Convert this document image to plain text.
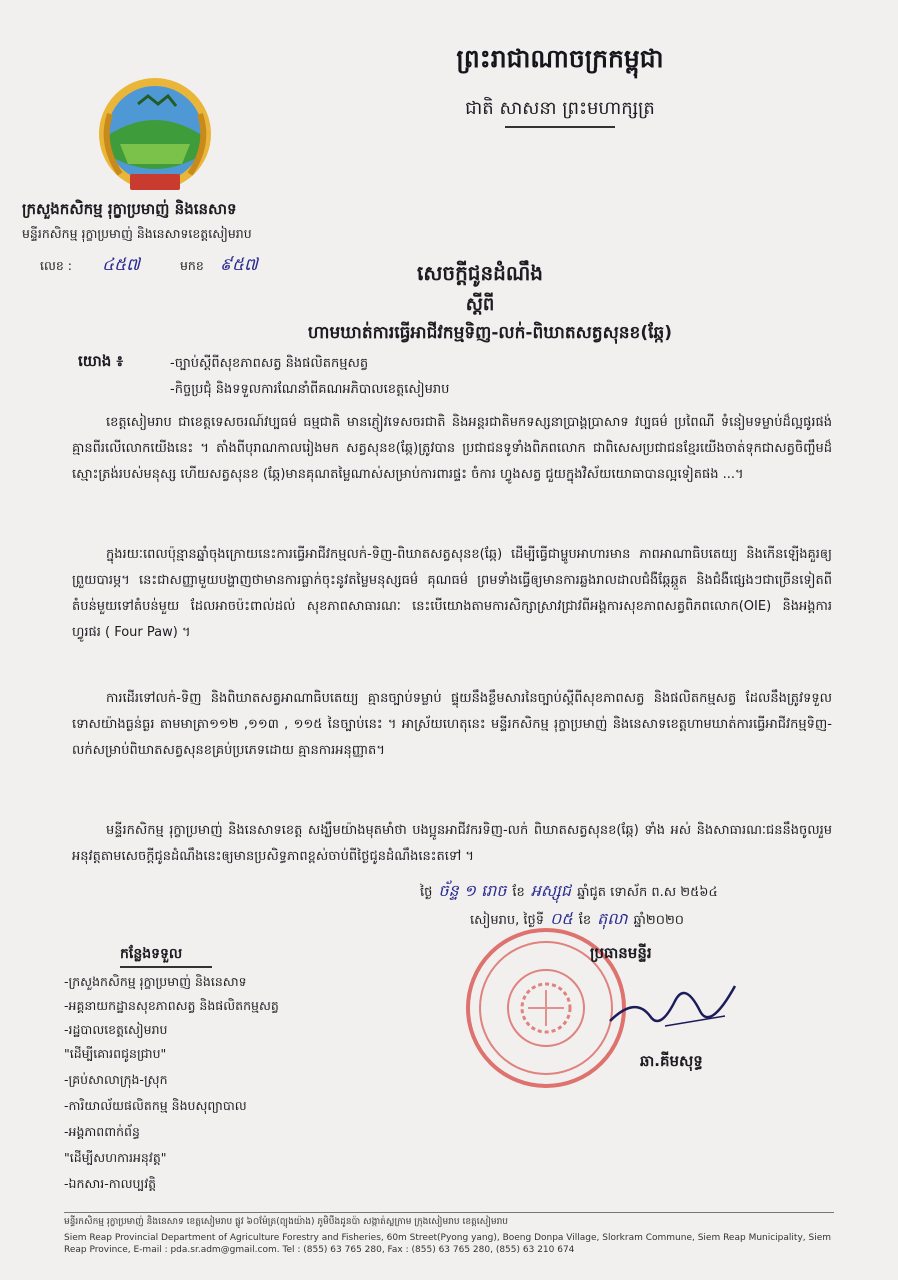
ព្រះរាជាណាចក្រកម្ពុជា
ជាតិ សាសនា ព្រះមហាក្សត្រ
ក្រសួងកសិកម្ម រុក្ខាប្រមាញ់ និងនេសាទ
មន្ទីរកសិកម្ម រុក្ខាប្រមាញ់ និងនេសាទខេត្តសៀមរាប
លេខ : ៤៥៧	មកខ ៩៥៧	សេចក្តីជូនដំណឹង
ស្តីពី
ហាមឃាត់ការធ្វើអាជីវកម្មទិញ-លក់-ពិឃាតសត្វសុនខ(ឆ្កែ)
យោង ៖	-ច្បាប់ស្តីពីសុខភាពសត្វ និងផលិតកម្មសត្វ
-កិច្ចប្រជុំ និងទទួលការណែនាំពីគណអភិបាលខេត្តសៀមរាប

ខេត្តសៀមរាប ជាខេត្តទេសចរណ៍វប្បធម៌ ធម្មជាតិ មានភ្ញៀវទេសចរជាតិ និងអន្តរជាតិមកទស្សនាប្រាង្គប្រាសាទ វប្បធម៌ ប្រពៃណី ទំនៀមទម្លាប់ដ៏ល្អផូរផង់គ្មានពីរលើលោកយើងនេះ ។ តាំងពីបុរាណកាលរៀងមក សត្វសុនខ(ឆ្កែ)ត្រូវបាន ប្រជាជនទូទាំងពិភពលោក ជាពិសេសប្រជាជនខ្មែរយើងចាត់ទុកជាសត្វចិញ្ចឹមដ៏ស្មោះត្រង់របស់មនុស្ស ហើយសត្វសុនខ (ឆ្កែ)មានគុណតម្លៃណាស់សម្រាប់ការពារផ្ទះ ចំការ ហ្វូងសត្វ ជួយក្នុងវិស័យយោធាបានល្អទៀតផង ...។

ក្នុងរយៈពេលប៉ុន្មានឆ្នាំចុងក្រោយនេះការធ្វើអាជីវកម្មលក់-ទិញ-ពិឃាតសត្វសុនខ(ឆ្កែ) ដើម្បីធ្វើជាម្ហូបអាហារមាន ភាពអាណាធិបតេយ្យ និងកើនឡើងគួរឲ្យព្រួយបារម្ភ។ នេះជាសញ្ញាមួយបង្ហាញថាមានការធ្លាក់ចុះនូវតម្លៃមនុស្សធម៌ គុណធម៌ ព្រមទាំងធ្វើឲ្យមានការឆ្លងរាលដាលជំងឺឆ្កែឆ្កួត និងជំងឺផ្សេងៗជាច្រើនទៀតពីតំបន់មួយទៅតំបន់មួយ ដែលអាចប៉ះពាល់ដល់ សុខភាពសាធារណៈ នេះបើយោងតាមការសិក្សាស្រាវជ្រាវពីអង្គការសុខភាពសត្វពិភពលោក(OIE) និងអង្គការ ហ្វូរផរ ( Four Paw) ។

ការដើរទៅលក់-ទិញ និងពិឃាតសត្វអាណាធិបតេយ្យ គ្មានច្បាប់ទម្លាប់ ផ្ទុយនឹងខ្លឹមសារនៃច្បាប់ស្តីពីសុខភាពសត្វ និងផលិតកម្មសត្វ ដែលនឹងត្រូវទទួលទោសយ៉ាងធ្ងន់ធ្ងរ តាមមាត្រា១១២ ,១១៣ , ១១៥ នៃច្បាប់នេះ ។ អាស្រ័យហេតុនេះ មន្ទីរកសិកម្ម រុក្ខាប្រមាញ់ និងនេសាទខេត្តហាមឃាត់ការធ្វើអាជីវកម្មទិញ-លក់សម្រាប់ពិឃាតសត្វសុនខគ្រប់ប្រភេទដោយ គ្មានការអនុញ្ញាត។

មន្ទីរកសិកម្ម រុក្ខាប្រមាញ់ និងនេសាទខេត្ត សង្ឃឹមយ៉ាងមុតមាំថា បងប្អូនអាជីវករទិញ-លក់ ពិឃាតសត្វសុនខ(ឆ្កែ) ទាំង អស់ និងសាធារណៈជននឹងចូលរួមអនុវត្តតាមសេចក្តីជូនដំណឹងនេះឲ្យមានប្រសិទ្ធភាពខ្ពស់ចាប់ពីថ្ងៃជូនដំណឹងនេះតទៅ ។

ថ្ងៃ ច័ន្ទ ១ រោច ខែ អស្សុជ ឆ្នាំជូត ទោស័ក ព.ស ២៥៦៤
សៀមរាប, ថ្ងៃទី ០៥ ខែ តុលា ឆ្នាំ២០២០
ប្រធានមន្ទីរ
ឆា.គីមសុទ្ធ
កន្លែងទទួល
-ក្រសួងកសិកម្ម រុក្ខាប្រមាញ់ និងនេសាទ
-អគ្គនាយកដ្ឋានសុខភាពសត្វ និងផលិតកម្មសត្វ
-រដ្ឋបាលខេត្តសៀមរាប
"ដើម្បីគោរពជូនជ្រាប"
-គ្រប់សាលាក្រុង-ស្រុក
-ការិយាល័យផលិតកម្ម និងបសុព្យាបាល
-អង្គភាពពាក់ព័ន្ធ
"ដើម្បីសហការអនុវត្ត"
-ឯកសារ-កាលប្បវត្តិ
មន្ទីរកសិកម្ម រុក្ខាប្រមាញ់ និងនេសាទ ខេត្តសៀមរាប ផ្លូវ ៦០ម៉ែត្រ(ព្យុងយ៉ាង) ភូមិបឹងដូនប៉ា សង្កាត់ស្លក្រាម ក្រុងសៀមរាប ខេត្តសៀមរាប
Siem Reap Provincial Department of Agriculture Forestry and Fisheries, 60m Street(Pyong yang), Boeng Donpa Village, Slorkram Commune, Siem Reap Municipality, Siem Reap Province, E-mail : pda.sr.adm@gmail.com. Tel : (855) 63 765 280, Fax : (855) 63 765 280, (855) 63 210 674
